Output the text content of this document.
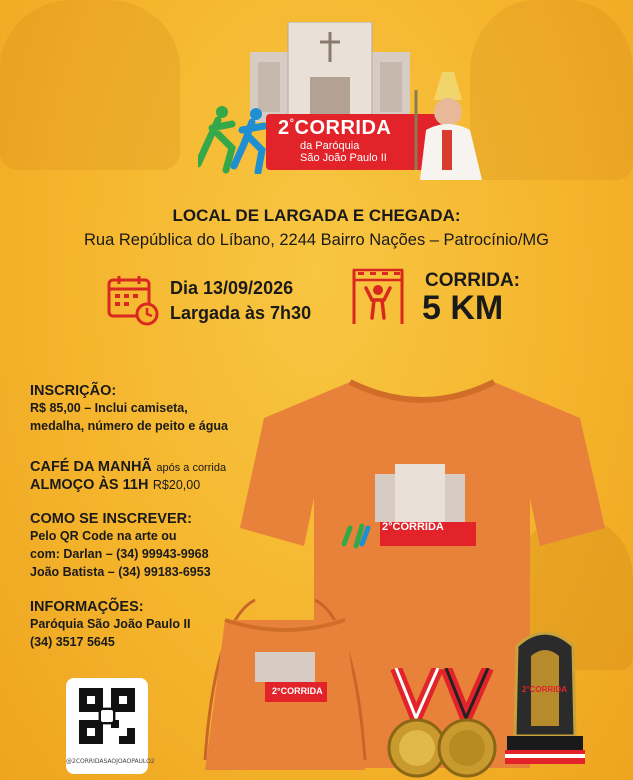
2°CORRIDA
da Paróquia
São João Paulo II
LOCAL DE LARGADA E CHEGADA:
Rua República do Líbano, 2244 Bairro Nações – Patrocínio/MG
Dia 13/09/2026
Largada às 7h30
CORRIDA:
5 KM
INSCRIÇÃO:
R$ 85,00 – Inclui camiseta,
medalha, número de peito e água
CAFÉ DA MANHÃ após a corrida
ALMOÇO ÀS 11H R$20,00
COMO SE INSCREVER:
Pelo QR Code na arte ou
com: Darlan – (34) 99943-9968
João Batista – (34) 99183-6953
INFORMAÇÕES:
Paróquia São João Paulo II
(34) 3517 5645
2°CORRIDA
2°CORRIDA	2°CORRIDA
@2CORRIDASAOJOAOPAULO2
